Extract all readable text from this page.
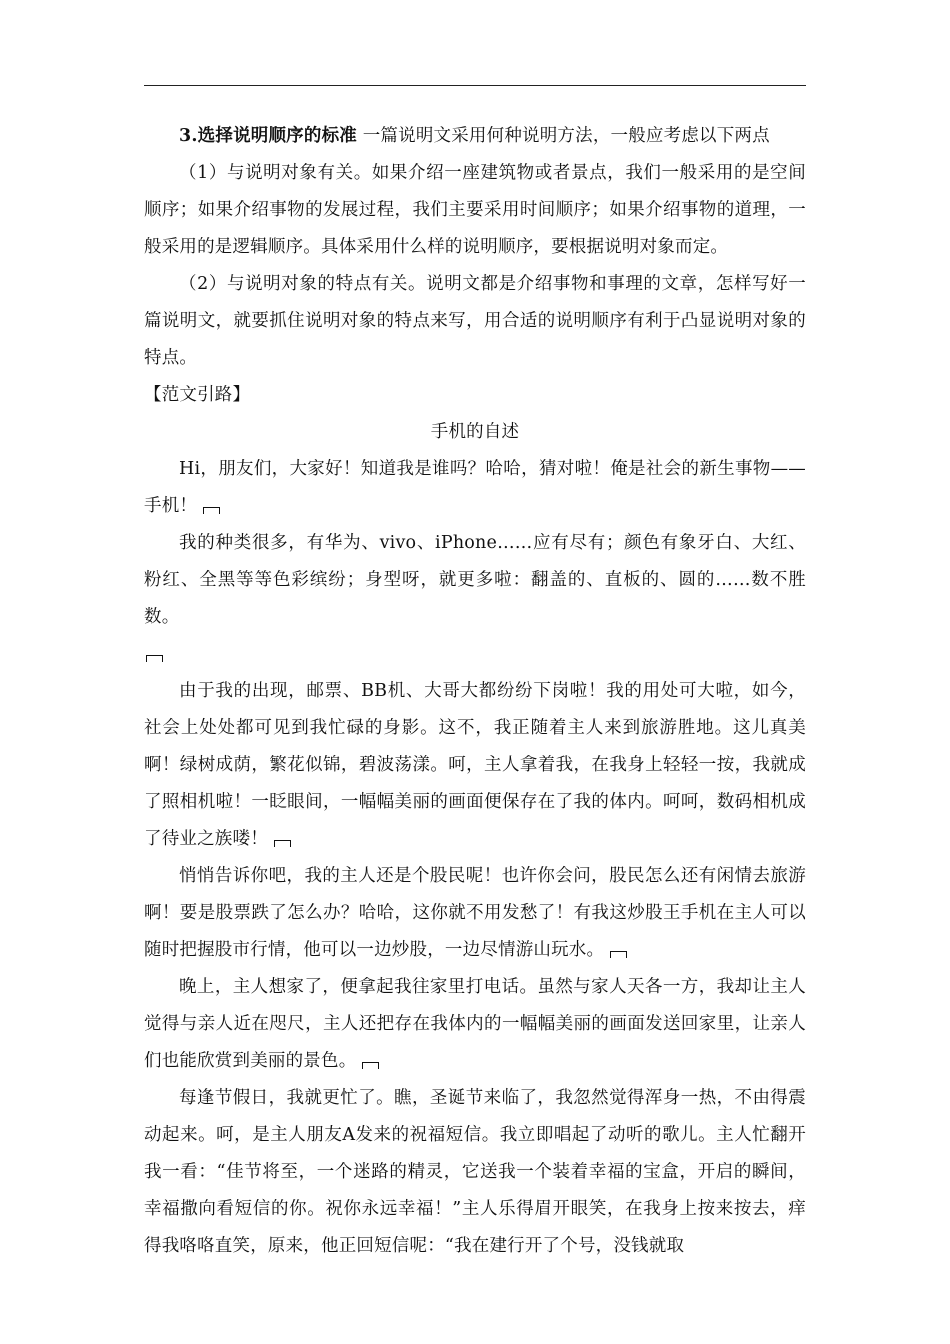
3.选择说明顺序的标准 一篇说明文采用何种说明方法，一般应考虑以下两点

（1）与说明对象有关。如果介绍一座建筑物或者景点，我们一般采用的是空间顺序；如果介绍事物的发展过程，我们主要采用时间顺序；如果介绍事物的道理，一般采用的是逻辑顺序。具体采用什么样的说明顺序，要根据说明对象而定。

（2）与说明对象的特点有关。说明文都是介绍事物和事理的文章，怎样写好一篇说明文，就要抓住说明对象的特点来写，用合适的说明顺序有利于凸显说明对象的特点。

【范文引路】

手机的自述

Hi，朋友们，大家好！知道我是谁吗？哈哈，猜对啦！俺是社会的新生事物——手机！

我的种类很多，有华为、vivo、iPhone……应有尽有；颜色有象牙白、大红、粉红、全黑等等色彩缤纷；身型呀，就更多啦：翻盖的、直板的、圆的……数不胜数。

由于我的出现，邮票、BB机、大哥大都纷纷下岗啦！我的用处可大啦，如今，社会上处处都可见到我忙碌的身影。这不，我正随着主人来到旅游胜地。这儿真美啊！绿树成荫，繁花似锦，碧波荡漾。呵，主人拿着我，在我身上轻轻一按，我就成了照相机啦！一眨眼间，一幅幅美丽的画面便保存在了我的体内。呵呵，数码相机成了待业之族喽！

悄悄告诉你吧，我的主人还是个股民呢！也许你会问，股民怎么还有闲情去旅游啊！要是股票跌了怎么办？哈哈，这你就不用发愁了！有我这炒股王手机在主人可以随时把握股市行情，他可以一边炒股，一边尽情游山玩水。

晚上，主人想家了，便拿起我往家里打电话。虽然与家人天各一方，我却让主人觉得与亲人近在咫尺，主人还把存在我体内的一幅幅美丽的画面发送回家里，让亲人们也能欣赏到美丽的景色。

每逢节假日，我就更忙了。瞧，圣诞节来临了，我忽然觉得浑身一热，不由得震动起来。呵，是主人朋友A发来的祝福短信。我立即唱起了动听的歌儿。主人忙翻开我一看：“佳节将至，一个迷路的精灵，它送我一个装着幸福的宝盒，开启的瞬间，幸福撒向看短信的你。祝你永远幸福！”主人乐得眉开眼笑，在我身上按来按去，痒得我咯咯直笑，原来，他正回短信呢：“我在建行开了个号，没钱就取
